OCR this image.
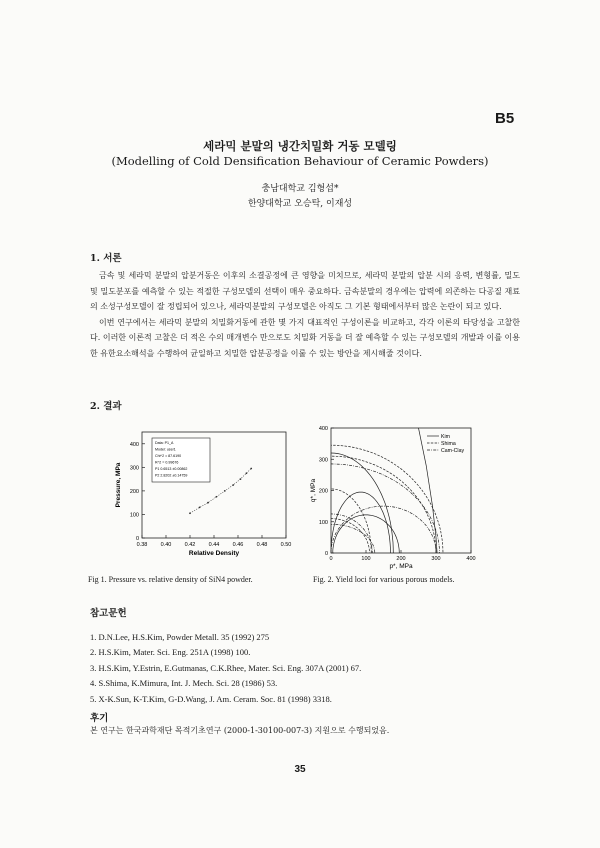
B5
세라믹 분말의 냉간치밀화 거동 모델링
(Modelling of Cold Densification Behaviour of Ceramic Powders)
충남대학교 김형섭*
한양대학교 오승탁, 이재성
1. 서론

금속 및 세라믹 분말의 압분거동은 이후의 소결공정에 큰 영향을 미치므로, 세라믹 분말의 압분 시의 응력, 변형률, 밀도 및 밀도분포를 예측할 수 있는 적절한 구성모델의 선택이 매우 중요하다. 금속분말의 경우에는 압력에 의존하는 다공질 재료의 소성구성모델이 잘 정립되어 있으나, 세라믹분말의 구성모델은 아직도 그 기본 형태에서부터 많은 논란이 되고 있다.

이번 연구에서는 세라믹 분말의 치밀화거동에 관한 몇 가지 대표적인 구성이론을 비교하고, 각각 이론의 타당성을 고찰한다. 이러한 이론적 고찰은 더 적은 수의 매개변수 만으로도 치밀화 거동을 더 잘 예측할 수 있는 구성모델의 개발과 이를 이용한 유한요소해석을 수행하여 균일하고 치밀한 압분공정을 이룰 수 있는 방안을 제시해줄 것이다.

2. 결과
0.38 0.40 0.42 0.44 0.46 0.48 0.50
0
100
200
300
400	Data: P1_A
Model: user1
Chi^2 = 87.6190
R^2 = 0.99676
P1 0.6513 ±0.00862
P2 2.8202 ±0.14759
Relative Density
Pressure, MPa
0	100	200	300	400
0
100
200
300
400
Kim
Shima
Cam-Clay
p*, MPa
q*, MPa
Fig 1. Pressure vs. relative density of SiN4 powder.	Fig. 2. Yield loci for various porous models.
참고문헌
1. D.N.Lee, H.S.Kim, Powder Metall. 35 (1992) 275
2. H.S.Kim, Mater. Sci. Eng. 251A (1998) 100.
3. H.S.Kim, Y.Estrin, E.Gutmanas, C.K.Rhee, Mater. Sci. Eng. 307A (2001) 67.
4. S.Shima, K.Mimura, Int. J. Mech. Sci. 28 (1986) 53.
5. X-K.Sun, K-T.Kim, G-D.Wang, J. Am. Ceram. Soc. 81 (1998) 3318.
후기
본 연구는 한국과학재단 목적기초연구 (2000-1-30100-007-3) 지원으로 수행되었음.
35
